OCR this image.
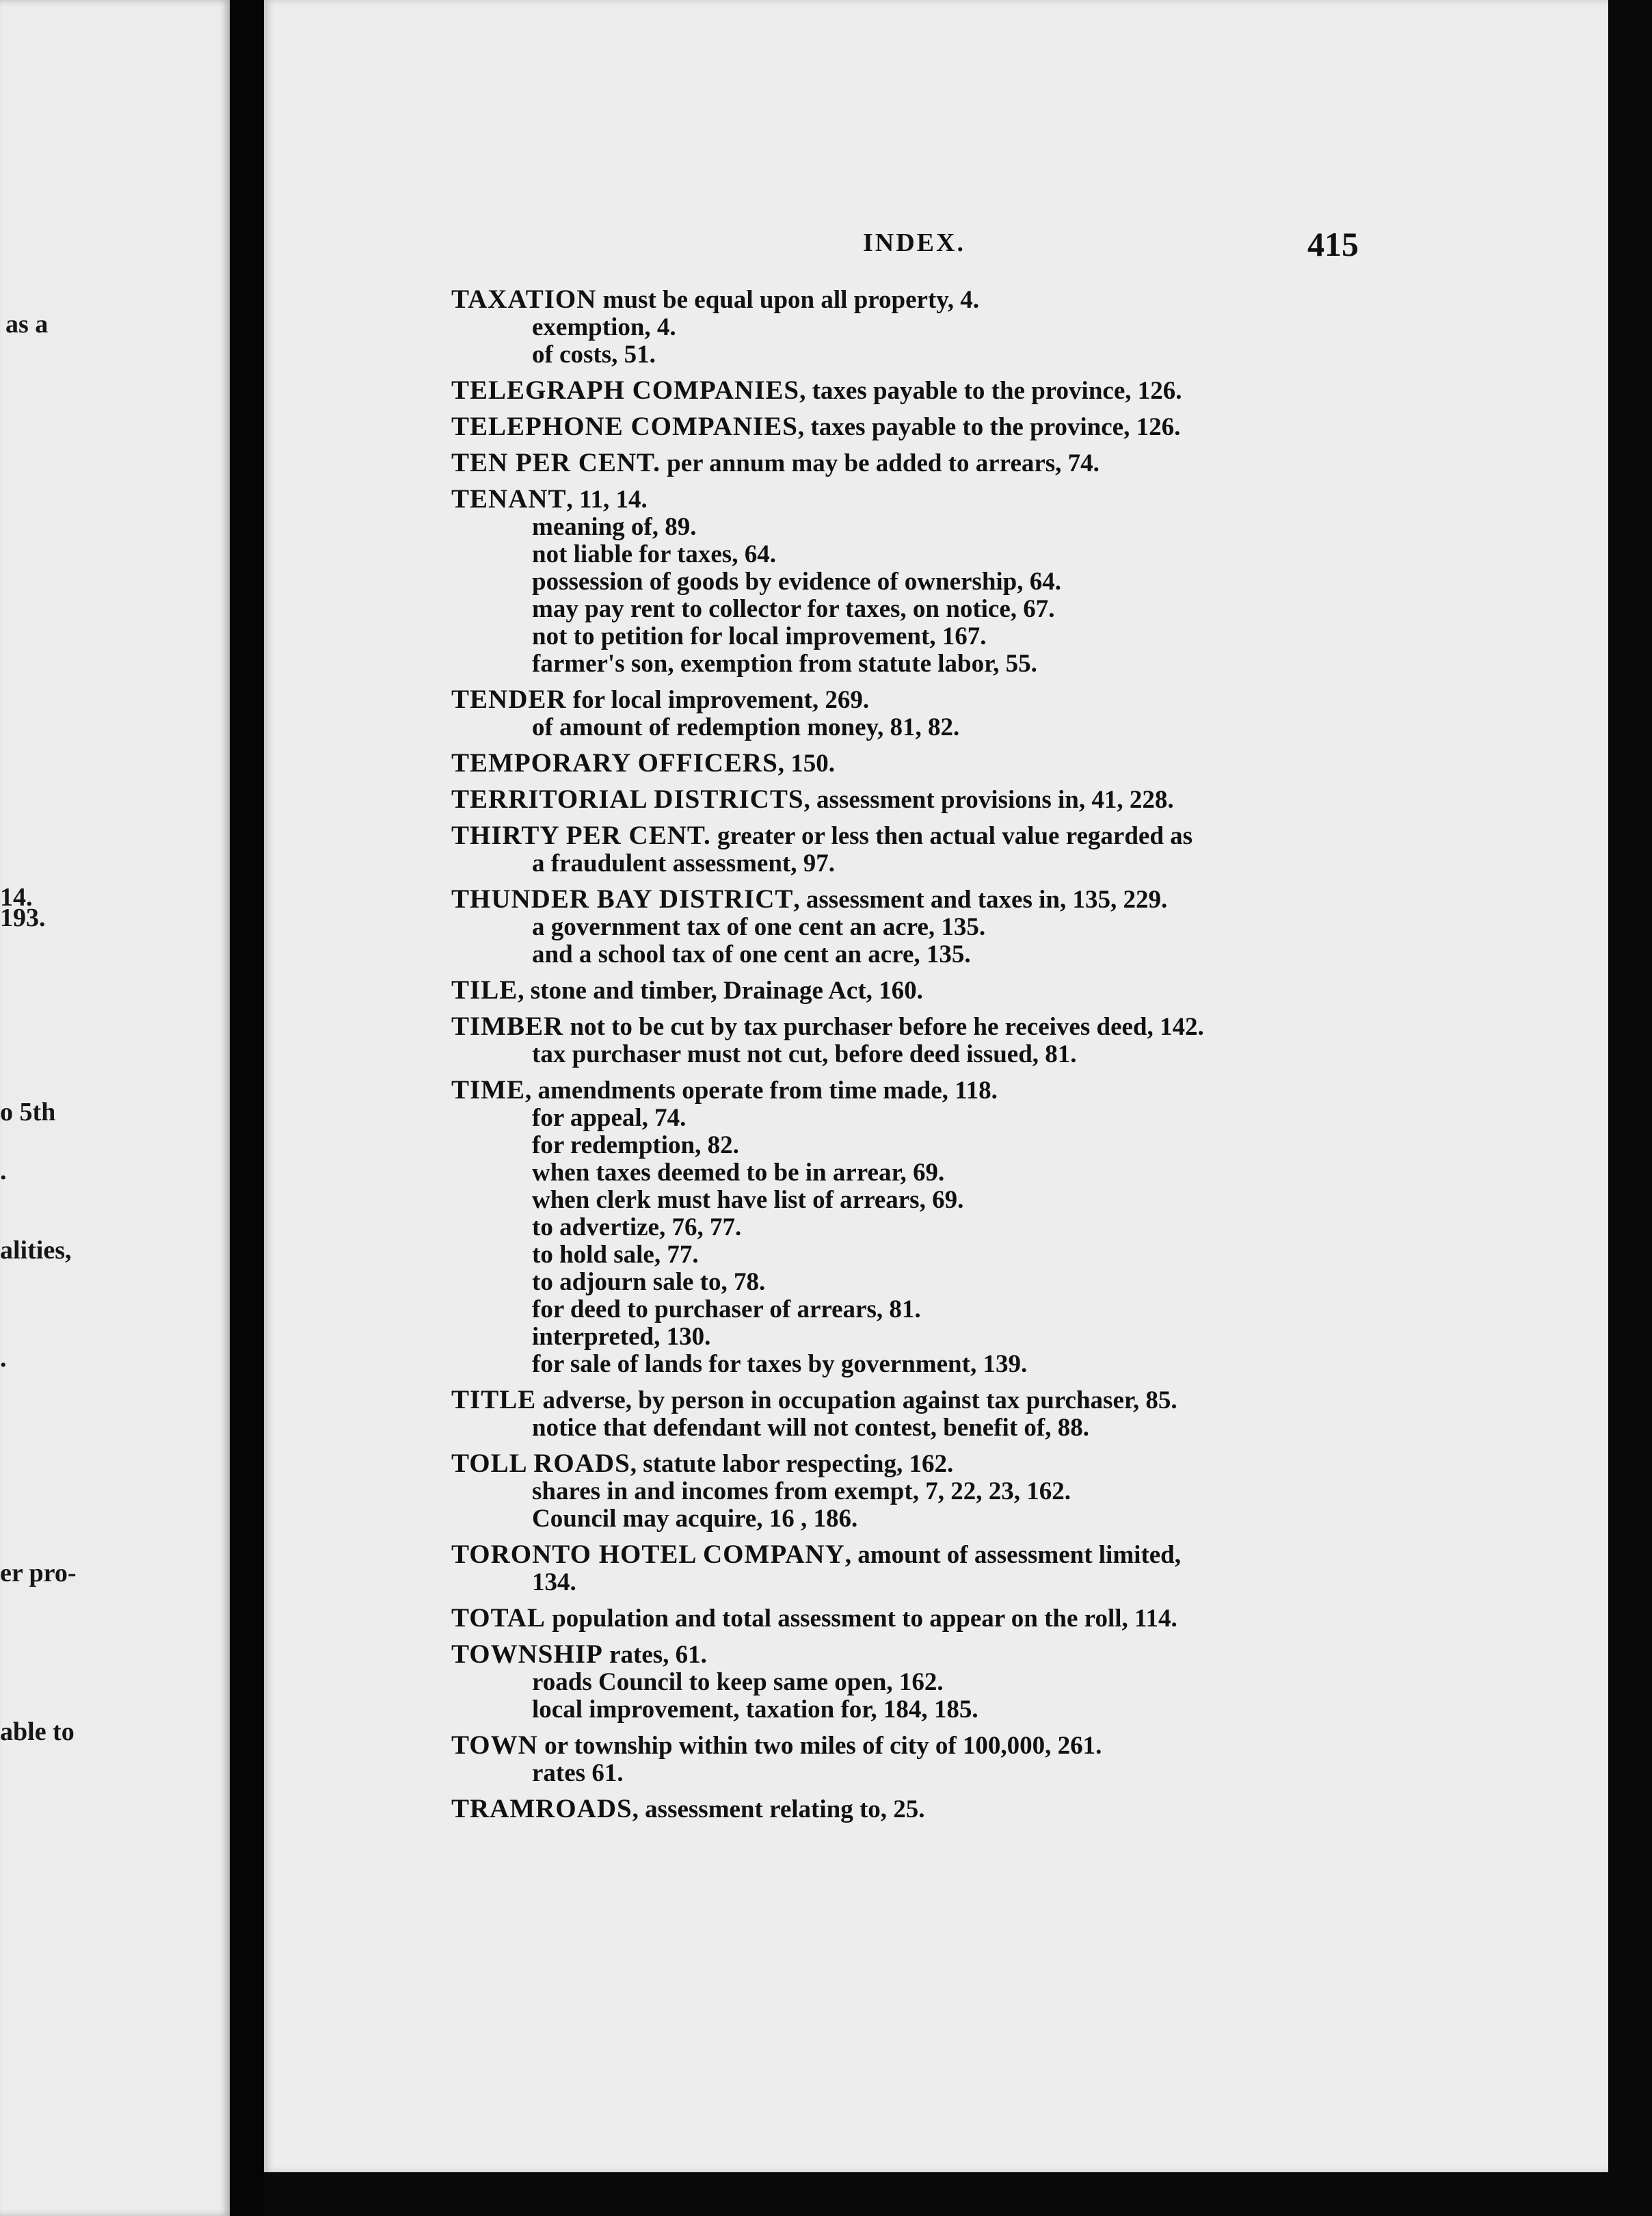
as a
14.
193.
o 5th
.
alities,
.
er pro-
able to
INDEX.	415
TAXATION must be equal upon all property, 4.
exemption, 4.
of costs, 51.
TELEGRAPH COMPANIES, taxes payable to the province, 126.
TELEPHONE COMPANIES, taxes payable to the province, 126.
TEN PER CENT. per annum may be added to arrears, 74.
TENANT, 11, 14.
meaning of, 89.
not liable for taxes, 64.
possession of goods by evidence of ownership, 64.
may pay rent to collector for taxes, on notice, 67.
not to petition for local improvement, 167.
farmer's son, exemption from statute labor, 55.
TENDER for local improvement, 269.
of amount of redemption money, 81, 82.
TEMPORARY OFFICERS, 150.
TERRITORIAL DISTRICTS, assessment provisions in, 41, 228.
THIRTY PER CENT. greater or less then actual value regarded as
a fraudulent assessment, 97.
THUNDER BAY DISTRICT, assessment and taxes in, 135, 229.
a government tax of one cent an acre, 135.
and a school tax of one cent an acre, 135.
TILE, stone and timber, Drainage Act, 160.
TIMBER not to be cut by tax purchaser before he receives deed, 142.
tax purchaser must not cut, before deed issued, 81.
TIME, amendments operate from time made, 118.
for appeal, 74.
for redemption, 82.
when taxes deemed to be in arrear, 69.
when clerk must have list of arrears, 69.
to advertize, 76, 77.
to hold sale, 77.
to adjourn sale to, 78.
for deed to purchaser of arrears, 81.
interpreted, 130.
for sale of lands for taxes by government, 139.
TITLE adverse, by person in occupation against tax purchaser, 85.
notice that defendant will not contest, benefit of, 88.
TOLL ROADS, statute labor respecting, 162.
shares in and incomes from exempt, 7, 22, 23, 162.
Council may acquire, 16 , 186.
TORONTO HOTEL COMPANY, amount of assessment limited,
134.
TOTAL population and total assessment to appear on the roll, 114.
TOWNSHIP rates, 61.
roads Council to keep same open, 162.
local improvement, taxation for, 184, 185.
TOWN or township within two miles of city of 100,000, 261.
rates 61.
TRAMROADS, assessment relating to, 25.
